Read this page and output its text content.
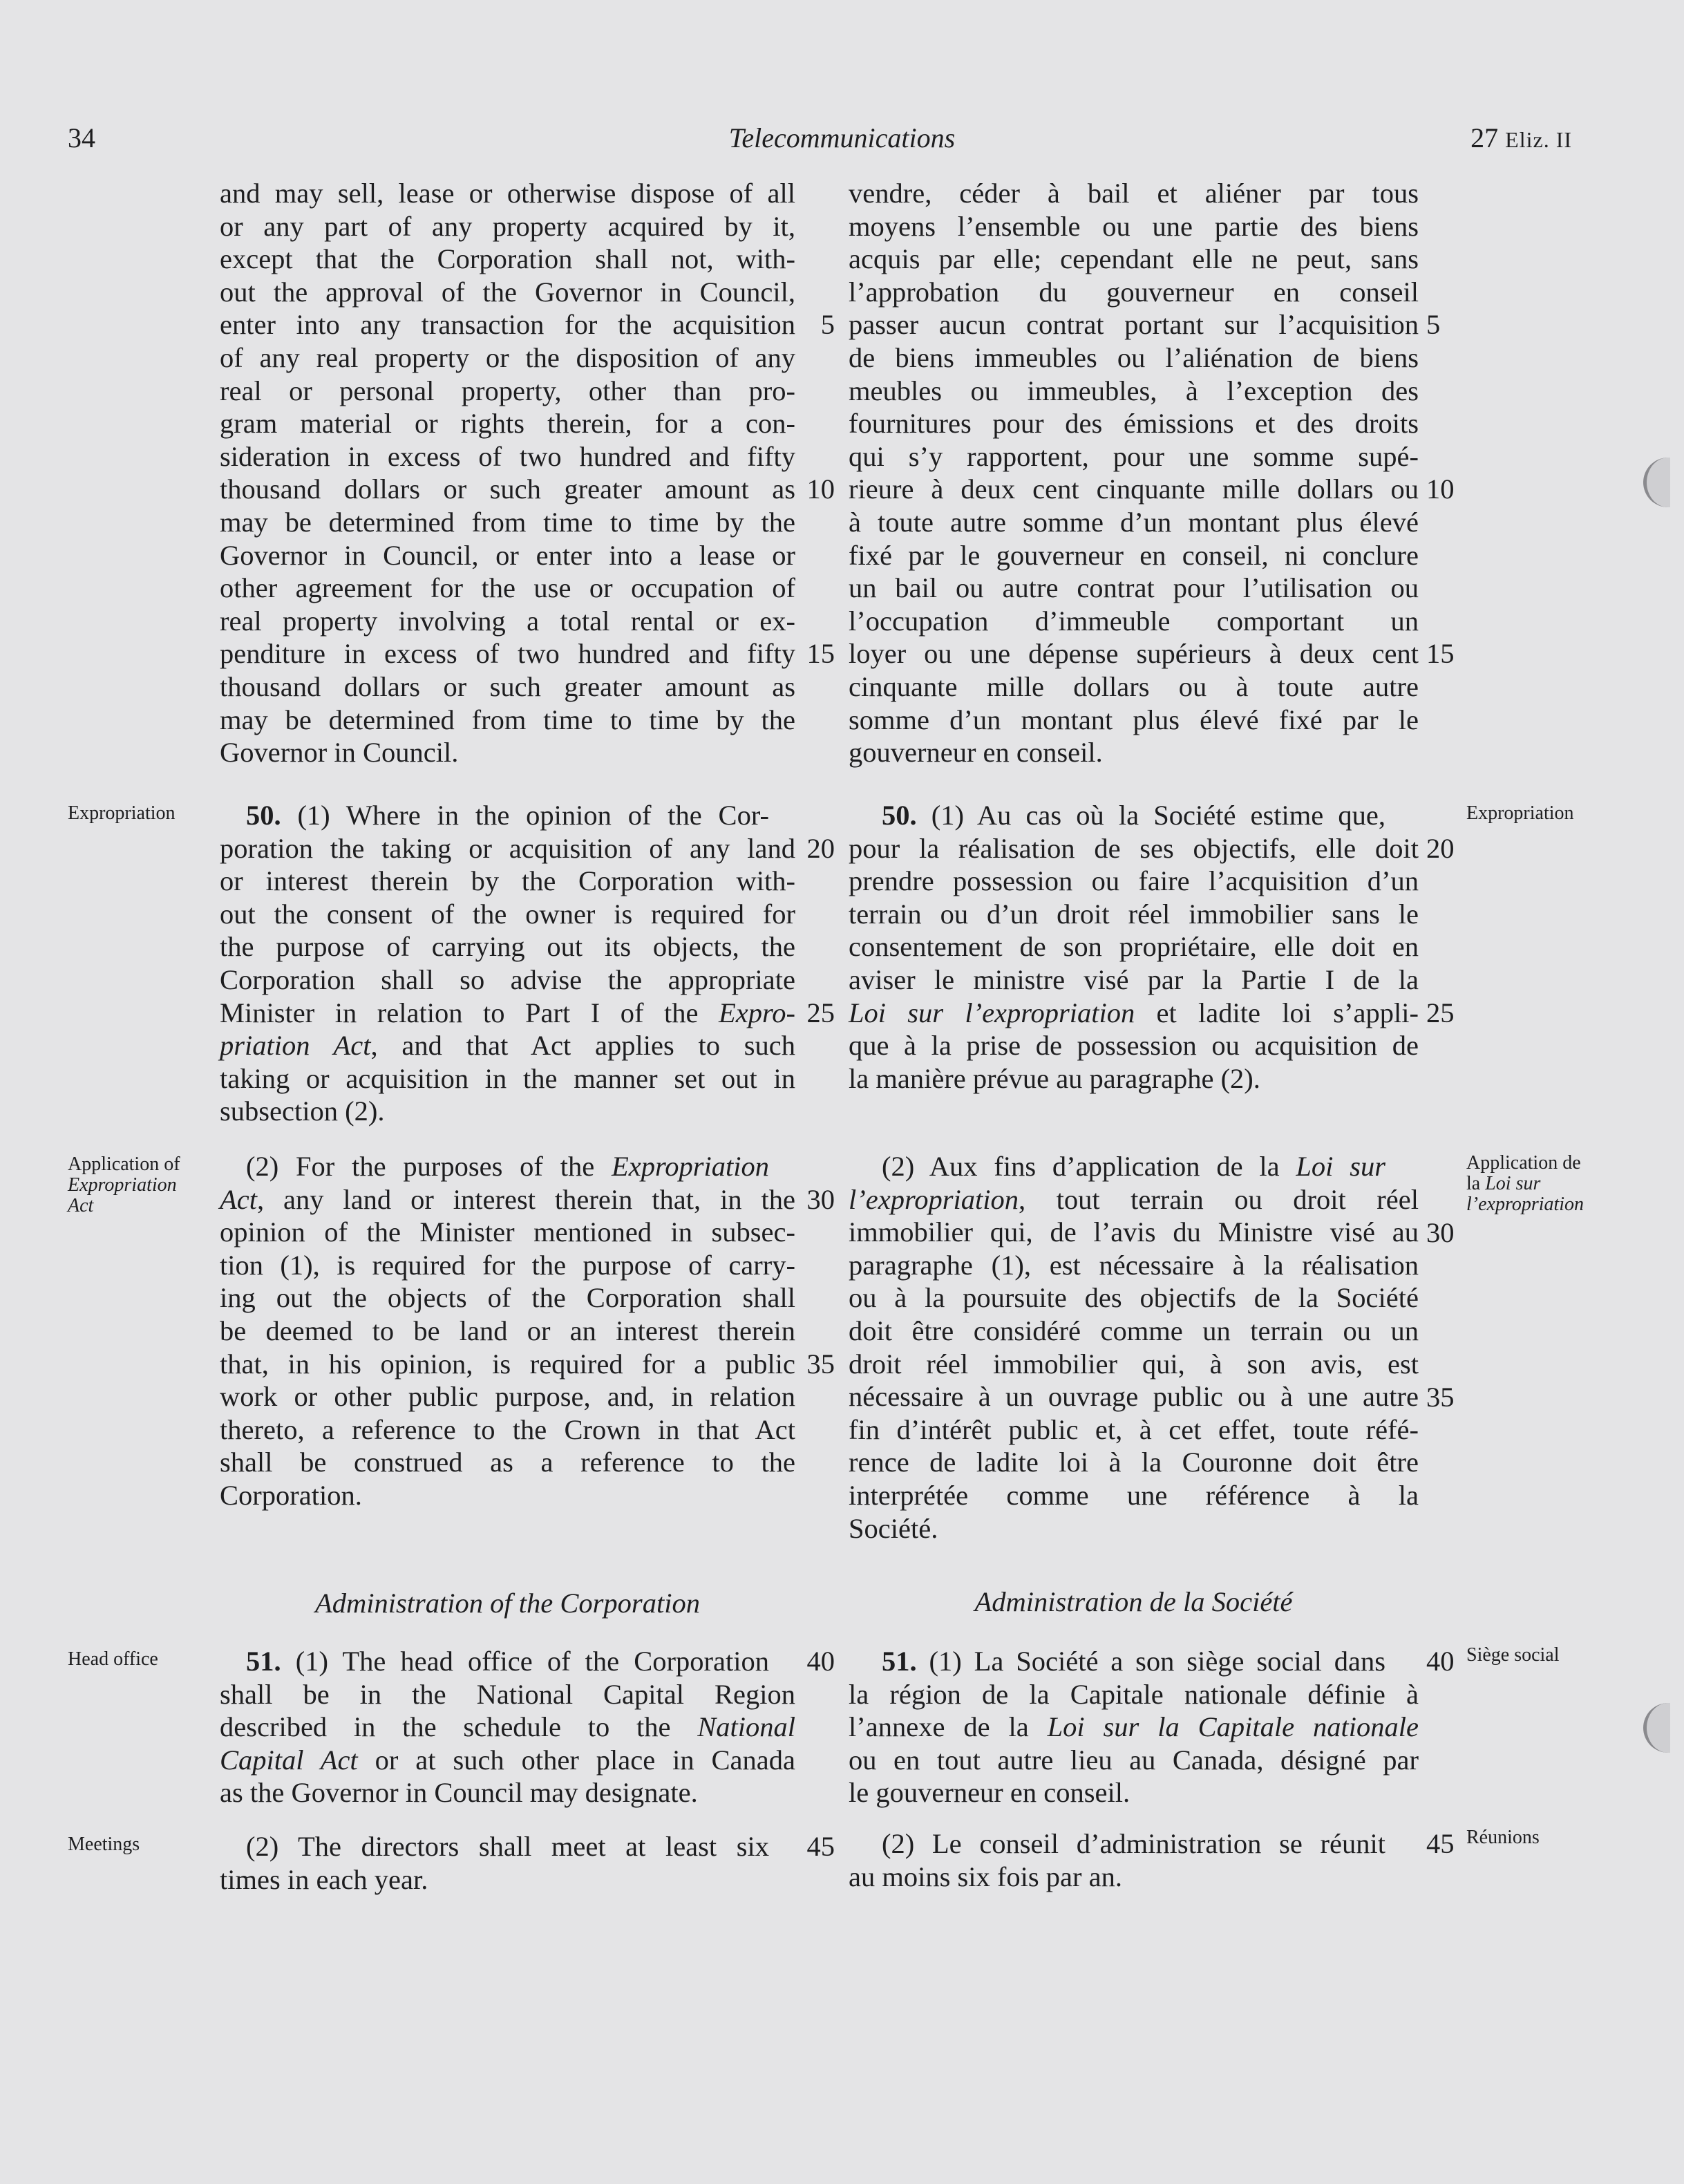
34	Telecommunications	27 Eliz. II

and may sell, lease or otherwise dispose of all

or any part of any property acquired by it,

except that the Corporation shall not, with-

out the approval of the Governor in Council,

enter into any transaction for the acquisition

of any real property or the disposition of any

real or personal property, other than pro-

gram material or rights therein, for a con-

sideration in excess of two hundred and fifty

thousand dollars or such greater amount as

may be determined from time to time by the

Governor in Council, or enter into a lease or

other agreement for the use or occupation of

real property involving a total rental or ex-

penditure in excess of two hundred and fifty

thousand dollars or such greater amount as

may be determined from time to time by the

Governor in Council.

50. (1) Where in the opinion of the Cor-

poration the taking or acquisition of any land

or interest therein by the Corporation with-

out the consent of the owner is required for

the purpose of carrying out its objects, the

Corporation shall so advise the appropriate

Minister in relation to Part I of the Expro-

priation Act, and that Act applies to such

taking or acquisition in the manner set out in

subsection (2).

(2) For the purposes of the Expropriation

Act, any land or interest therein that, in the

opinion of the Minister mentioned in subsec-

tion (1), is required for the purpose of carry-

ing out the objects of the Corporation shall

be deemed to be land or an interest therein

that, in his opinion, is required for a public

work or other public purpose, and, in relation

thereto, a reference to the Crown in that Act

shall be construed as a reference to the

Corporation.

Administration of the Corporation

51. (1) The head office of the Corporation

shall be in the National Capital Region

described in the schedule to the National

Capital Act or at such other place in Canada

as the Governor in Council may designate.

(2) The directors shall meet at least six

times in each year.

vendre, céder à bail et aliéner par tous

moyens l’ensemble ou une partie des biens

acquis par elle; cependant elle ne peut, sans

l’approbation du gouverneur en conseil

passer aucun contrat portant sur l’acquisition

de biens immeubles ou l’aliénation de biens

meubles ou immeubles, à l’exception des

fournitures pour des émissions et des droits

qui s’y rapportent, pour une somme supé-

rieure à deux cent cinquante mille dollars ou

à toute autre somme d’un montant plus élevé

fixé par le gouverneur en conseil, ni conclure

un bail ou autre contrat pour l’utilisation ou

l’occupation d’immeuble comportant un

loyer ou une dépense supérieurs à deux cent

cinquante mille dollars ou à toute autre

somme d’un montant plus élevé fixé par le

gouverneur en conseil.

50. (1) Au cas où la Société estime que,

pour la réalisation de ses objectifs, elle doit

prendre possession ou faire l’acquisition d’un

terrain ou d’un droit réel immobilier sans le

consentement de son propriétaire, elle doit en

aviser le ministre visé par la Partie I de la

Loi sur l’expropriation et ladite loi s’appli-

que à la prise de possession ou acquisition de

la manière prévue au paragraphe (2).

(2) Aux fins d’application de la Loi sur

l’expropriation, tout terrain ou droit réel

immobilier qui, de l’avis du Ministre visé au

paragraphe (1), est nécessaire à la réalisation

ou à la poursuite des objectifs de la Société

doit être considéré comme un terrain ou un

droit réel immobilier qui, à son avis, est

nécessaire à un ouvrage public ou à une autre

fin d’intérêt public et, à cet effet, toute réfé-

rence de ladite loi à la Couronne doit être

interprétée comme une référence à la

Société.

Administration de la Société

51. (1) La Société a son siège social dans

la région de la Capitale nationale définie à

l’annexe de la Loi sur la Capitale nationale

ou en tout autre lieu au Canada, désigné par

le gouverneur en conseil.

(2) Le conseil d’administration se réunit

au moins six fois par an.

5
10
15
20
25
30
35
40
45
5
10
15
20
25
30
35
40
45
Expropriation
Application of
Expropriation
Act
Head office
Meetings
Expropriation
Application de
la Loi sur
l’expropriation
Siège social
Réunions
